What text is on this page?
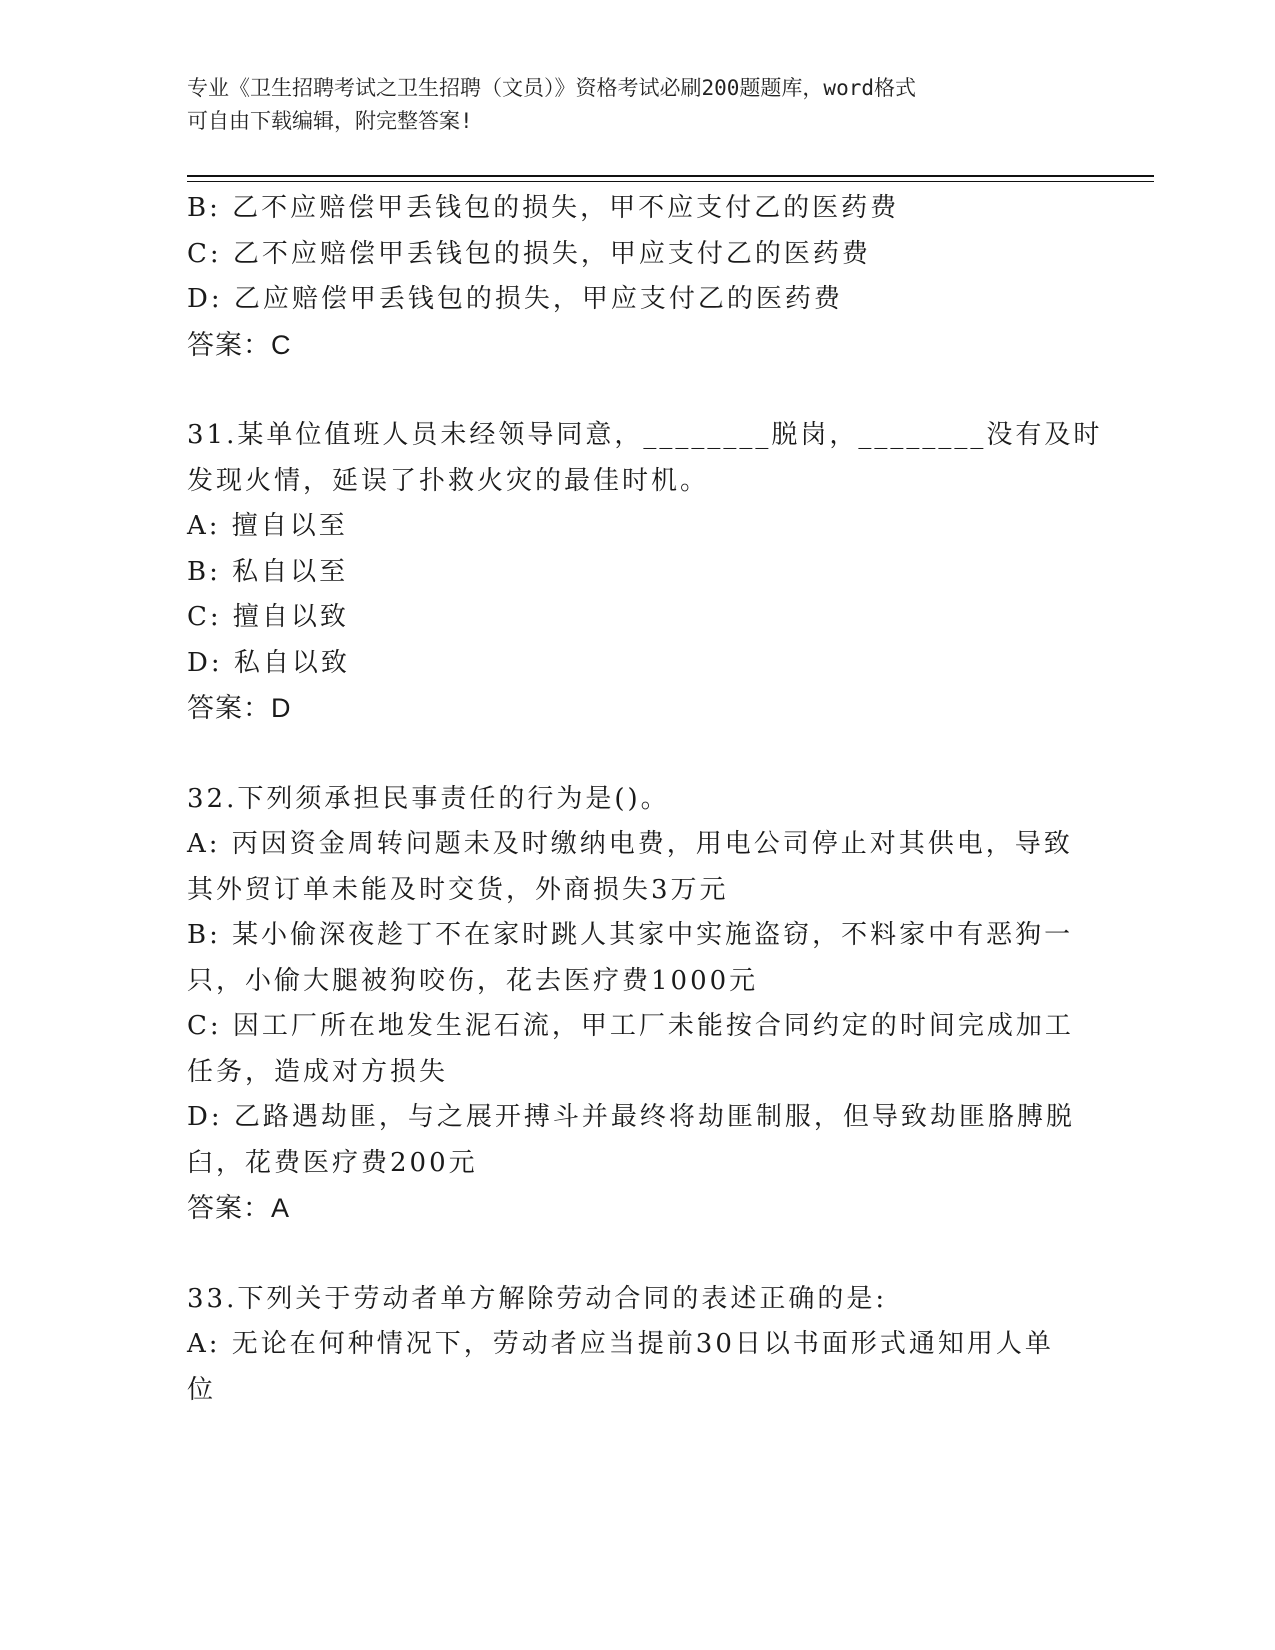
专业《卫生招聘考试之卫生招聘（文员）》资格考试必刷200题题库，word格式
可自由下载编辑，附完整答案!
B: 乙不应赔偿甲丢钱包的损失，甲不应支付乙的医药费
C: 乙不应赔偿甲丢钱包的损失，甲应支付乙的医药费
D: 乙应赔偿甲丢钱包的损失，甲应支付乙的医药费
答案：C
31.某单位值班人员未经领导同意，________脱岗，________没有及时
发现火情，延误了扑救火灾的最佳时机。
A: 擅自以至
B: 私自以至
C: 擅自以致
D: 私自以致
答案：D
32.下列须承担民事责任的行为是()。
A: 丙因资金周转问题未及时缴纳电费，用电公司停止对其供电，导致
其外贸订单未能及时交货，外商损失3万元
B: 某小偷深夜趁丁不在家时跳人其家中实施盗窃，不料家中有恶狗一
只，小偷大腿被狗咬伤，花去医疗费1000元
C: 因工厂所在地发生泥石流，甲工厂未能按合同约定的时间完成加工
任务，造成对方损失
D: 乙路遇劫匪，与之展开搏斗并最终将劫匪制服，但导致劫匪胳膊脱
臼，花费医疗费200元
答案：A
33.下列关于劳动者单方解除劳动合同的表述正确的是:
A: 无论在何种情况下，劳动者应当提前30日以书面形式通知用人单
位
